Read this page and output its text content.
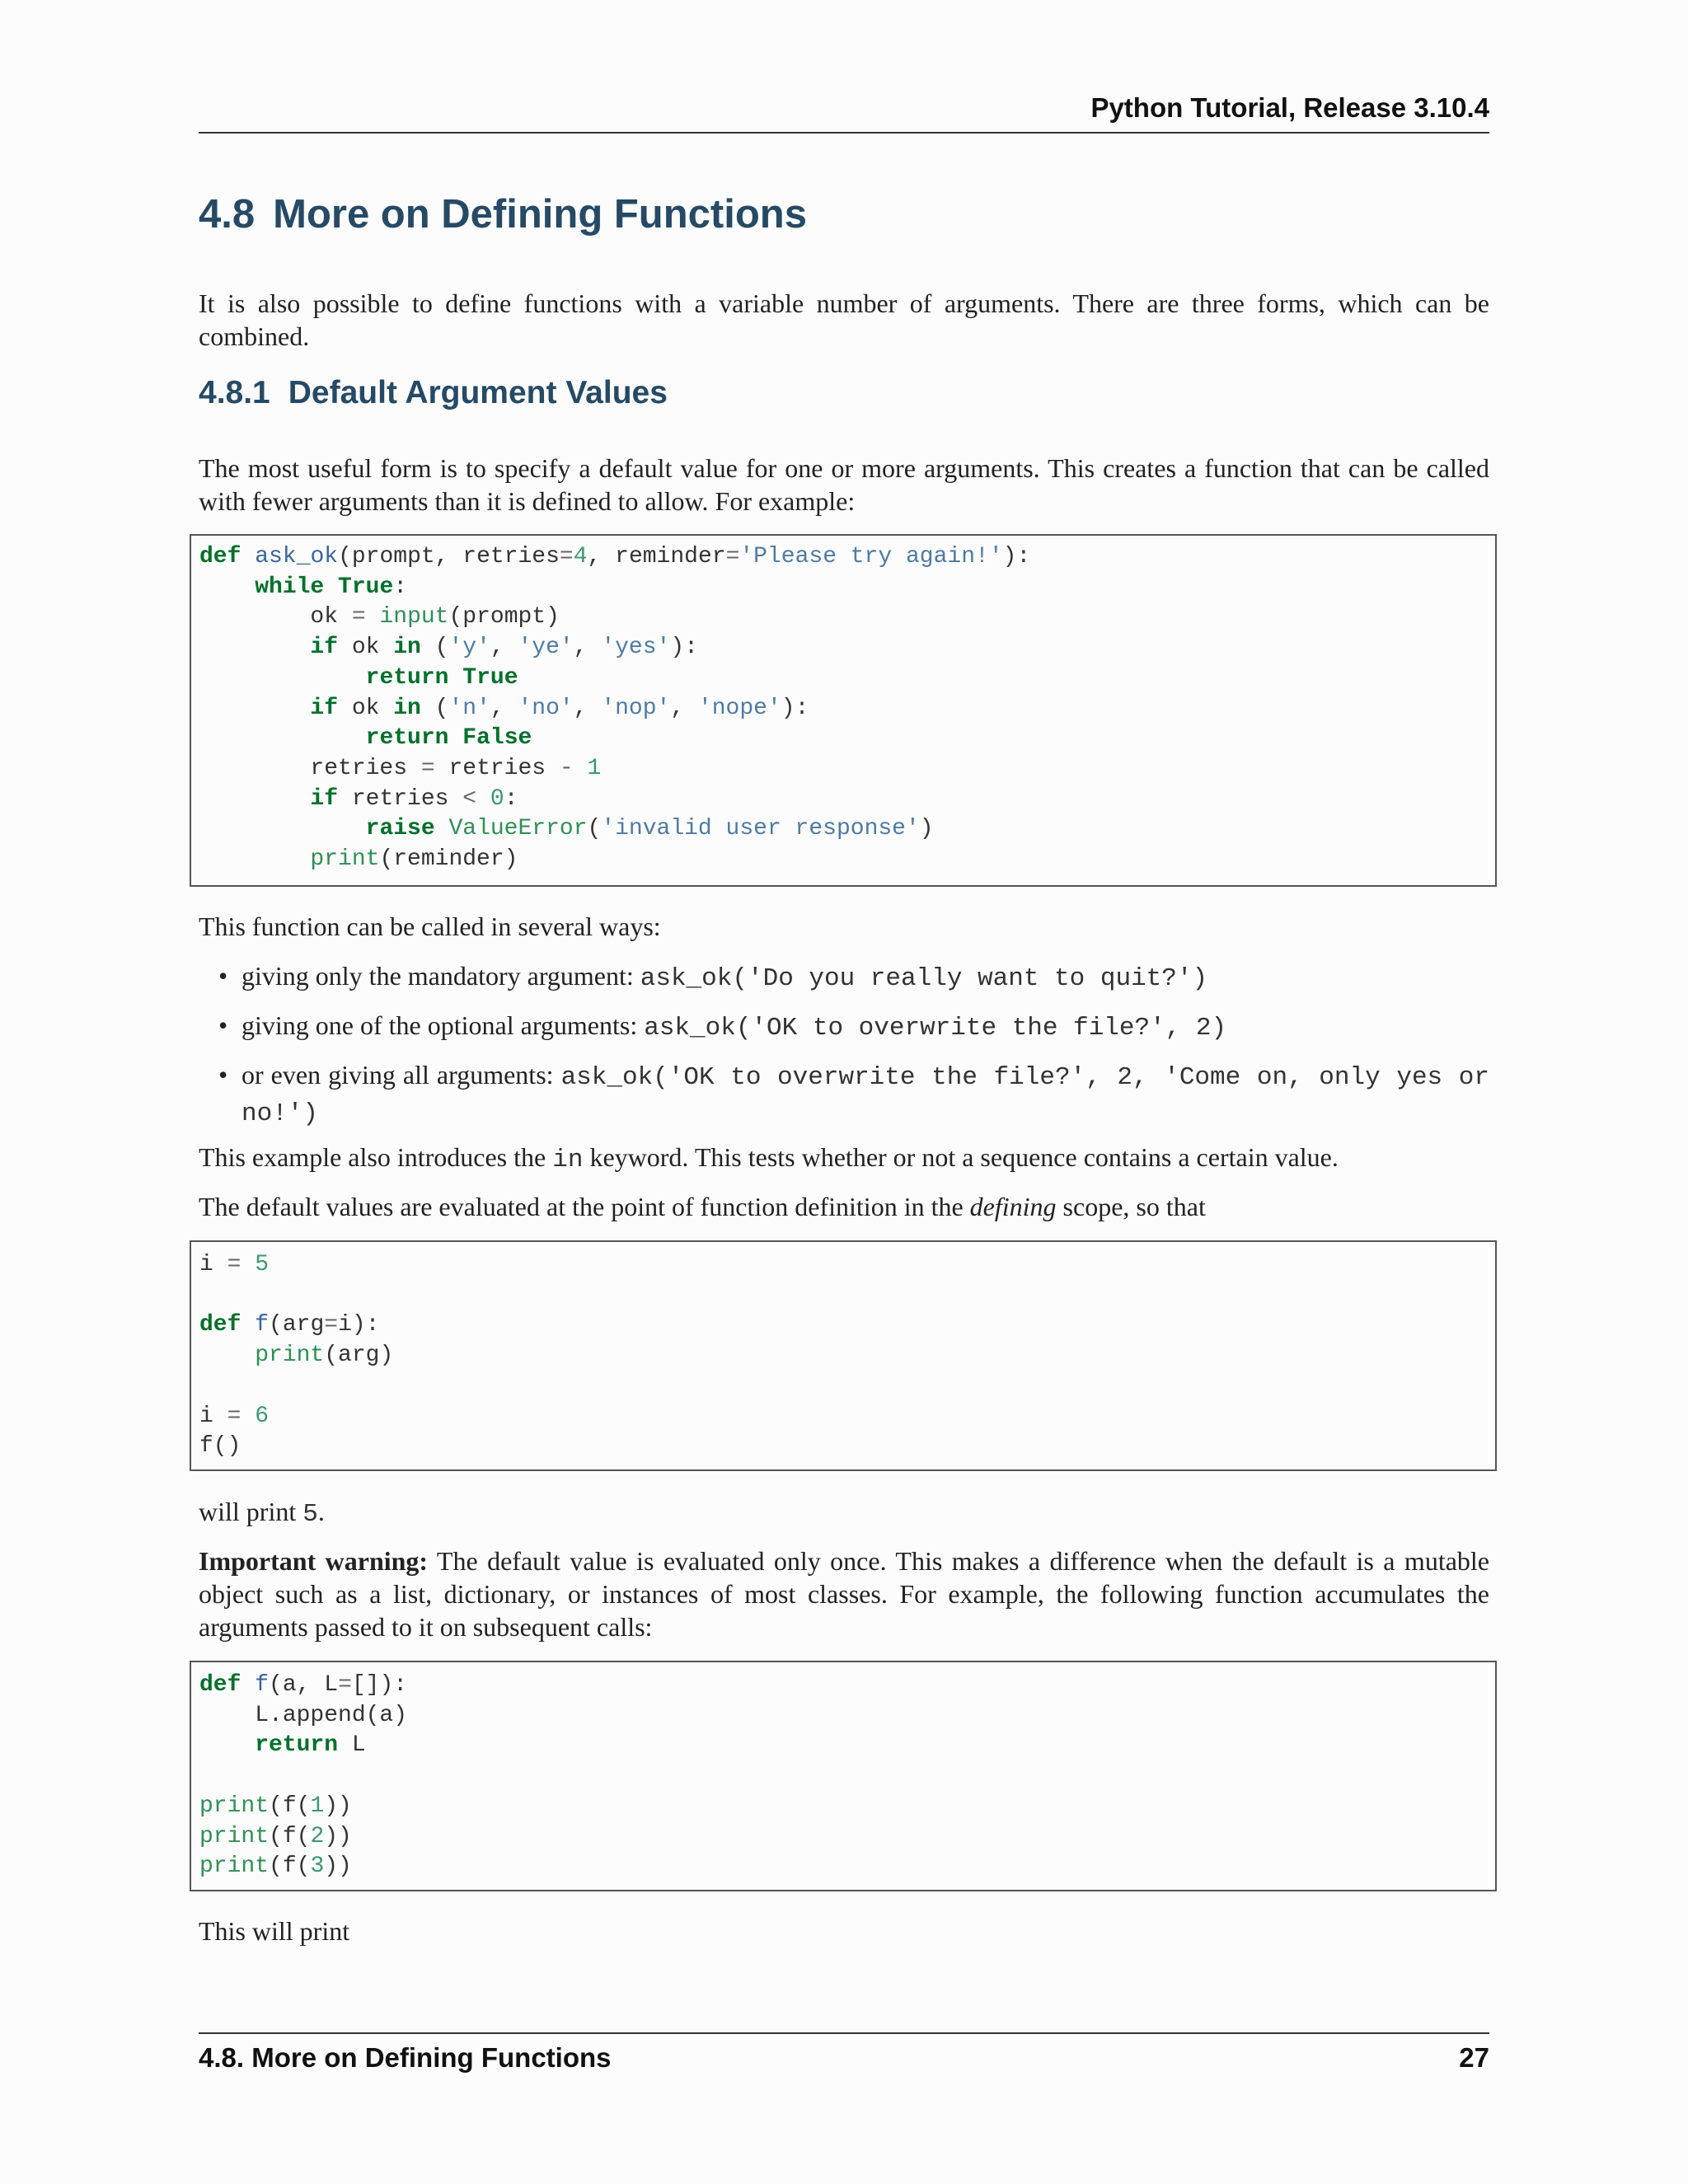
Python Tutorial, Release 3.10.4
4.8 More on Defining Functions

It is also possible to define functions with a variable number of arguments. There are three forms, which can be combined.

4.8.1 Default Argument Values

The most useful form is to specify a default value for one or more arguments. This creates a function that can be called with fewer arguments than it is defined to allow. For example:

def ask_ok(prompt, retries=4, reminder='Please try again!'):
while True:
ok = input(prompt)
if ok in ('y', 'ye', 'yes'):
return True
if ok in ('n', 'no', 'nop', 'nope'):
return False
retries = retries - 1
if retries < 0:
raise ValueError('invalid user response')
print(reminder)

This function can be called in several ways:

• giving only the mandatory argument: ask_ok('Do you really want to quit?')
• giving one of the optional arguments: ask_ok('OK to overwrite the file?', 2)
• or even giving all arguments: ask_ok('OK to overwrite the file?', 2, 'Come on, only yes or no!')

This example also introduces the in keyword. This tests whether or not a sequence contains a certain value.

The default values are evaluated at the point of function definition in the defining scope, so that

i = 5

def f(arg=i):
print(arg)

i = 6
f()

will print 5.

Important warning: The default value is evaluated only once. This makes a difference when the default is a mutable object such as a list, dictionary, or instances of most classes. For example, the following function accumulates the arguments passed to it on subsequent calls:

def f(a, L=[]):
L.append(a)
return L

print(f(1))
print(f(2))
print(f(3))

This will print

4.8. More on Defining Functions	27
